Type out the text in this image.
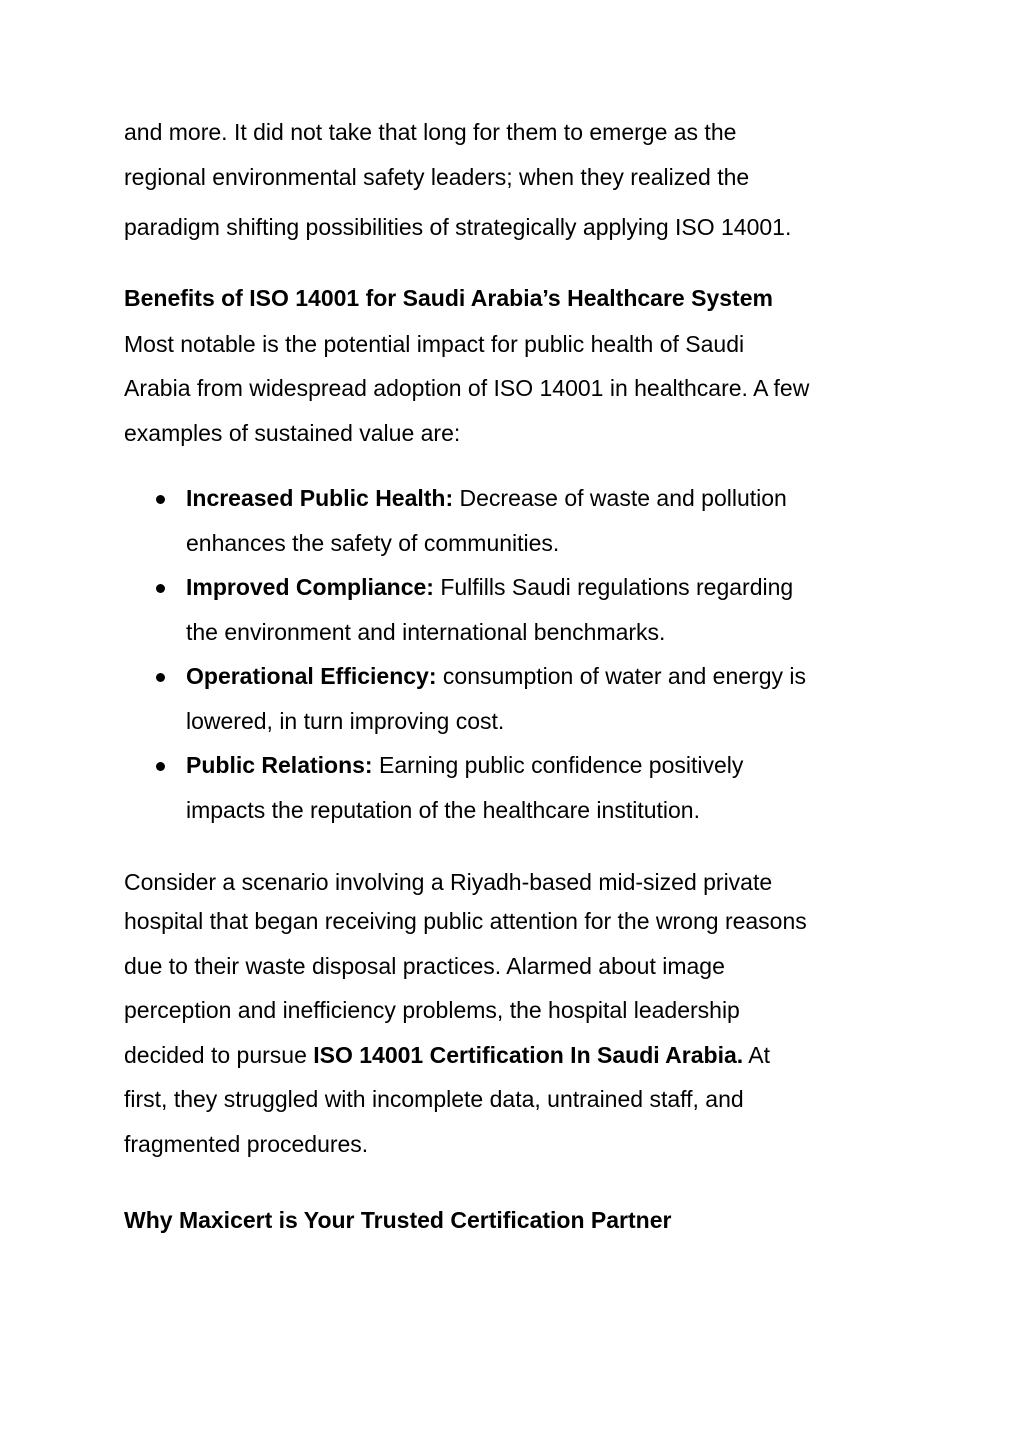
and more. It did not take that long for them to emerge as the
regional environmental safety leaders; when they realized the
paradigm shifting possibilities of strategically applying ISO 14001.
Benefits of ISO 14001 for Saudi Arabia’s Healthcare System
Most notable is the potential impact for public health of Saudi
Arabia from widespread adoption of ISO 14001 in healthcare. A few
examples of sustained value are:
Increased Public Health: Decrease of waste and pollution
enhances the safety of communities.
Improved Compliance: Fulfills Saudi regulations regarding
the environment and international benchmarks.
Operational Efficiency: consumption of water and energy is
lowered, in turn improving cost.
Public Relations: Earning public confidence positively
impacts the reputation of the healthcare institution.
Consider a scenario involving a Riyadh-based mid-sized private
hospital that began receiving public attention for the wrong reasons
due to their waste disposal practices. Alarmed about image
perception and inefficiency problems, the hospital leadership
decided to pursue ISO 14001 Certification In Saudi Arabia. At
first, they struggled with incomplete data, untrained staff, and
fragmented procedures.
Why Maxicert is Your Trusted Certification Partner
